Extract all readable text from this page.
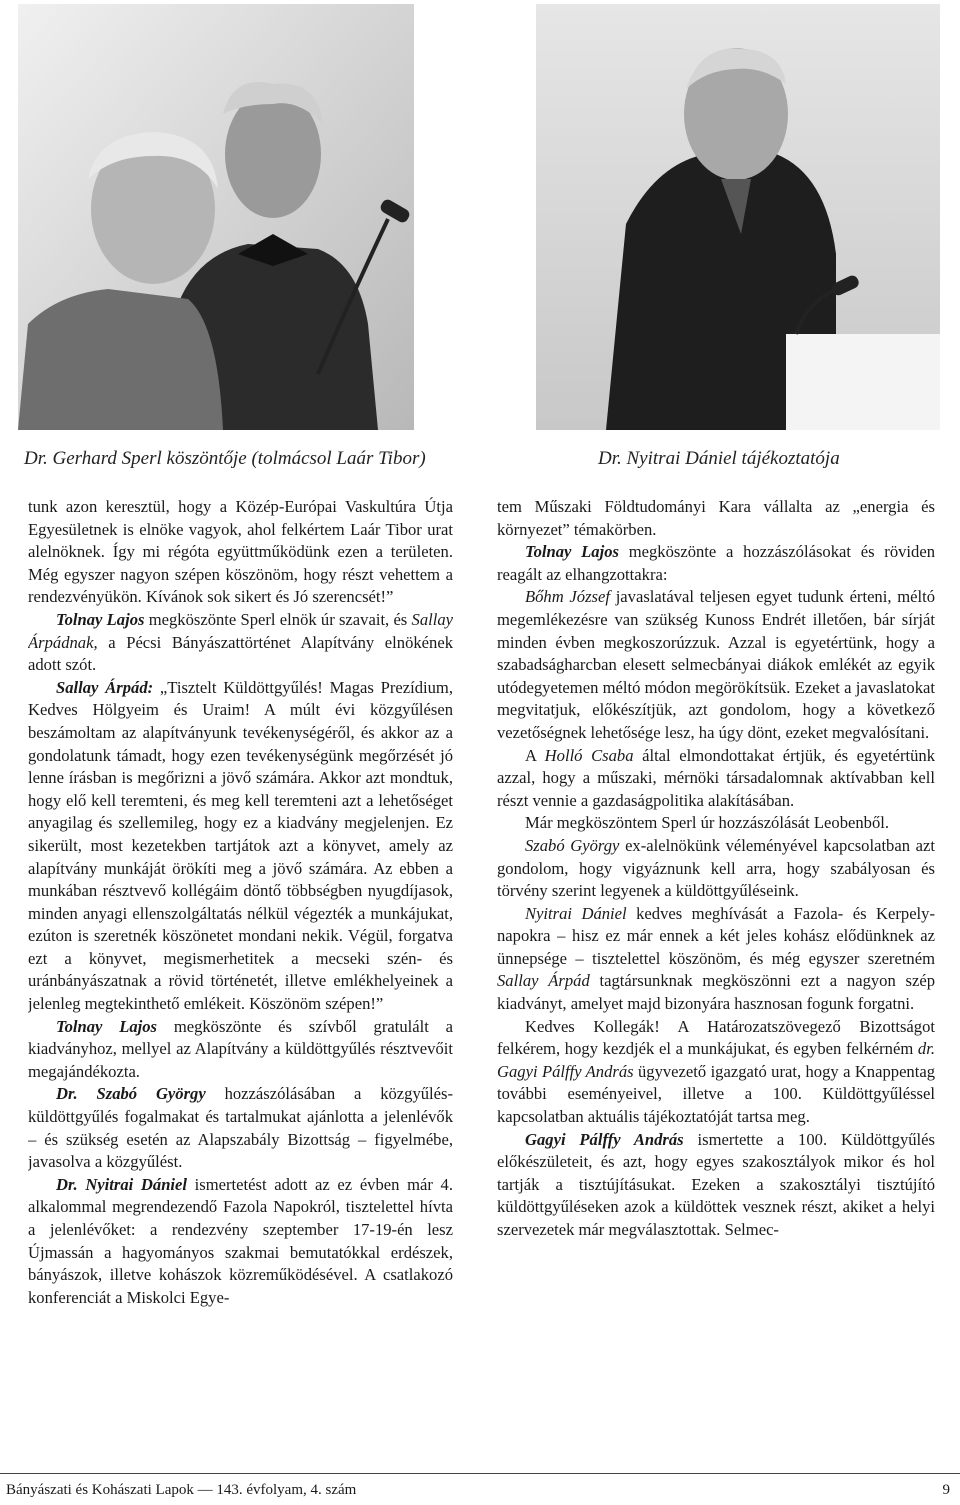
Dr. Gerhard Sperl köszöntője (tolmácsol Laár Tibor)	Dr. Nyitrai Dániel tájékoztatója

tunk azon keresztül, hogy a Közép-Európai Vaskultúra Útja Egyesületnek is elnöke vagyok, ahol felkértem Laár Tibor urat alelnöknek. Így mi régóta együttműködünk ezen a területen. Még egyszer nagyon szépen köszönöm, hogy részt vehettem a rendezvényükön. Kívánok sok sikert és Jó szerencsét!”

Tolnay Lajos megköszönte Sperl elnök úr szavait, és Sallay Árpádnak, a Pécsi Bányászattörténet Alapítvány elnökének adott szót.

Sallay Árpád: „Tisztelt Küldöttgyűlés! Magas Prezídium, Kedves Hölgyeim és Uraim! A múlt évi közgyűlésen beszámoltam az alapítványunk tevékenységéről, és akkor az a gondolatunk támadt, hogy ezen tevékenységünk megőrzését jó lenne írásban is megőrizni a jövő számára. Akkor azt mondtuk, hogy elő kell teremteni, és meg kell teremteni azt a lehetőséget anyagilag és szellemileg, hogy ez a kiadvány megjelenjen. Ez sikerült, most kezetekben tartjátok azt a könyvet, amely az alapítvány munkáját örökíti meg a jövő számára. Az ebben a munkában résztvevő kollégáim döntő többségben nyugdíjasok, minden anyagi ellenszolgáltatás nélkül végezték a munkájukat, ezúton is szeretnék köszönetet mondani nekik. Végül, forgatva ezt a könyvet, megismerhetitek a mecseki szén- és uránbányászatnak a rövid történetét, illetve emlékhelyeinek a jelenleg megtekinthető emlékeit. Köszönöm szépen!”

Tolnay Lajos megköszönte és szívből gratulált a kiadványhoz, mellyel az Alapítvány a küldöttgyűlés résztvevőit megajándékozta.

Dr. Szabó György hozzászólásában a közgyűlés-küldöttgyűlés fogalmakat és tartalmukat ajánlotta a jelenlévők – és szükség esetén az Alapszabály Bizottság – figyelmébe, javasolva a közgyűlést.

Dr. Nyitrai Dániel ismertetést adott az ez évben már 4. alkalommal megrendezendő Fazola Napokról, tisztelettel hívta a jelenlévőket: a rendezvény szeptember 17-19-én lesz Újmassán a hagyományos szakmai bemutatókkal erdészek, bányászok, illetve kohászok közreműködésével. A csatlakozó konferenciát a Miskolci Egye-

tem Műszaki Földtudományi Kara vállalta az „energia és környezet” témakörben.

Tolnay Lajos megköszönte a hozzászólásokat és röviden reagált az elhangzottakra:

Bőhm József javaslatával teljesen egyet tudunk érteni, méltó megemlékezésre van szükség Kunoss Endrét illetően, bár sírját minden évben megkoszorúzzuk. Azzal is egyetértünk, hogy a szabadságharcban elesett selmecbányai diákok emlékét az egyik utódegyetemen méltó módon megörökítsük. Ezeket a javaslatokat megvitatjuk, előkészítjük, azt gondolom, hogy a következő vezetőségnek lehetősége lesz, ha úgy dönt, ezeket megvalósítani.

A Holló Csaba által elmondottakat értjük, és egyetértünk azzal, hogy a műszaki, mérnöki társadalomnak aktívabban kell részt vennie a gazdaságpolitika alakításában.

Már megköszöntem Sperl úr hozzászólását Leobenből.

Szabó György ex-alelnökünk véleményével kapcsolatban azt gondolom, hogy vigyáznunk kell arra, hogy szabályosan és törvény szerint legyenek a küldöttgyűléseink.

Nyitrai Dániel kedves meghívását a Fazola- és Kerpely-napokra – hisz ez már ennek a két jeles kohász elődünknek az ünnepsége – tisztelettel köszönöm, és még egyszer szeretném Sallay Árpád tagtársunknak megköszönni ezt a nagyon szép kiadványt, amelyet majd bizonyára hasznosan fogunk forgatni.

Kedves Kollegák! A Határozatszövegező Bizottságot felkérem, hogy kezdjék el a munkájukat, és egyben felkérném dr. Gagyi Pálffy András ügyvezető igazgató urat, hogy a Knappentag további eseményeivel, illetve a 100. Küldöttgyűléssel kapcsolatban aktuális tájékoztatóját tartsa meg.

Gagyi Pálffy András ismertette a 100. Küldöttgyűlés előkészületeit, és azt, hogy egyes szakosztályok mikor és hol tartják a tisztújításukat. Ezeken a szakosztályi tisztújító küldöttgyűléseken azok a küldöttek vesznek részt, akiket a helyi szervezetek már megválasztottak. Selmec-

Bányászati és Kohászati Lapok — 143. évfolyam, 4. szám	9
